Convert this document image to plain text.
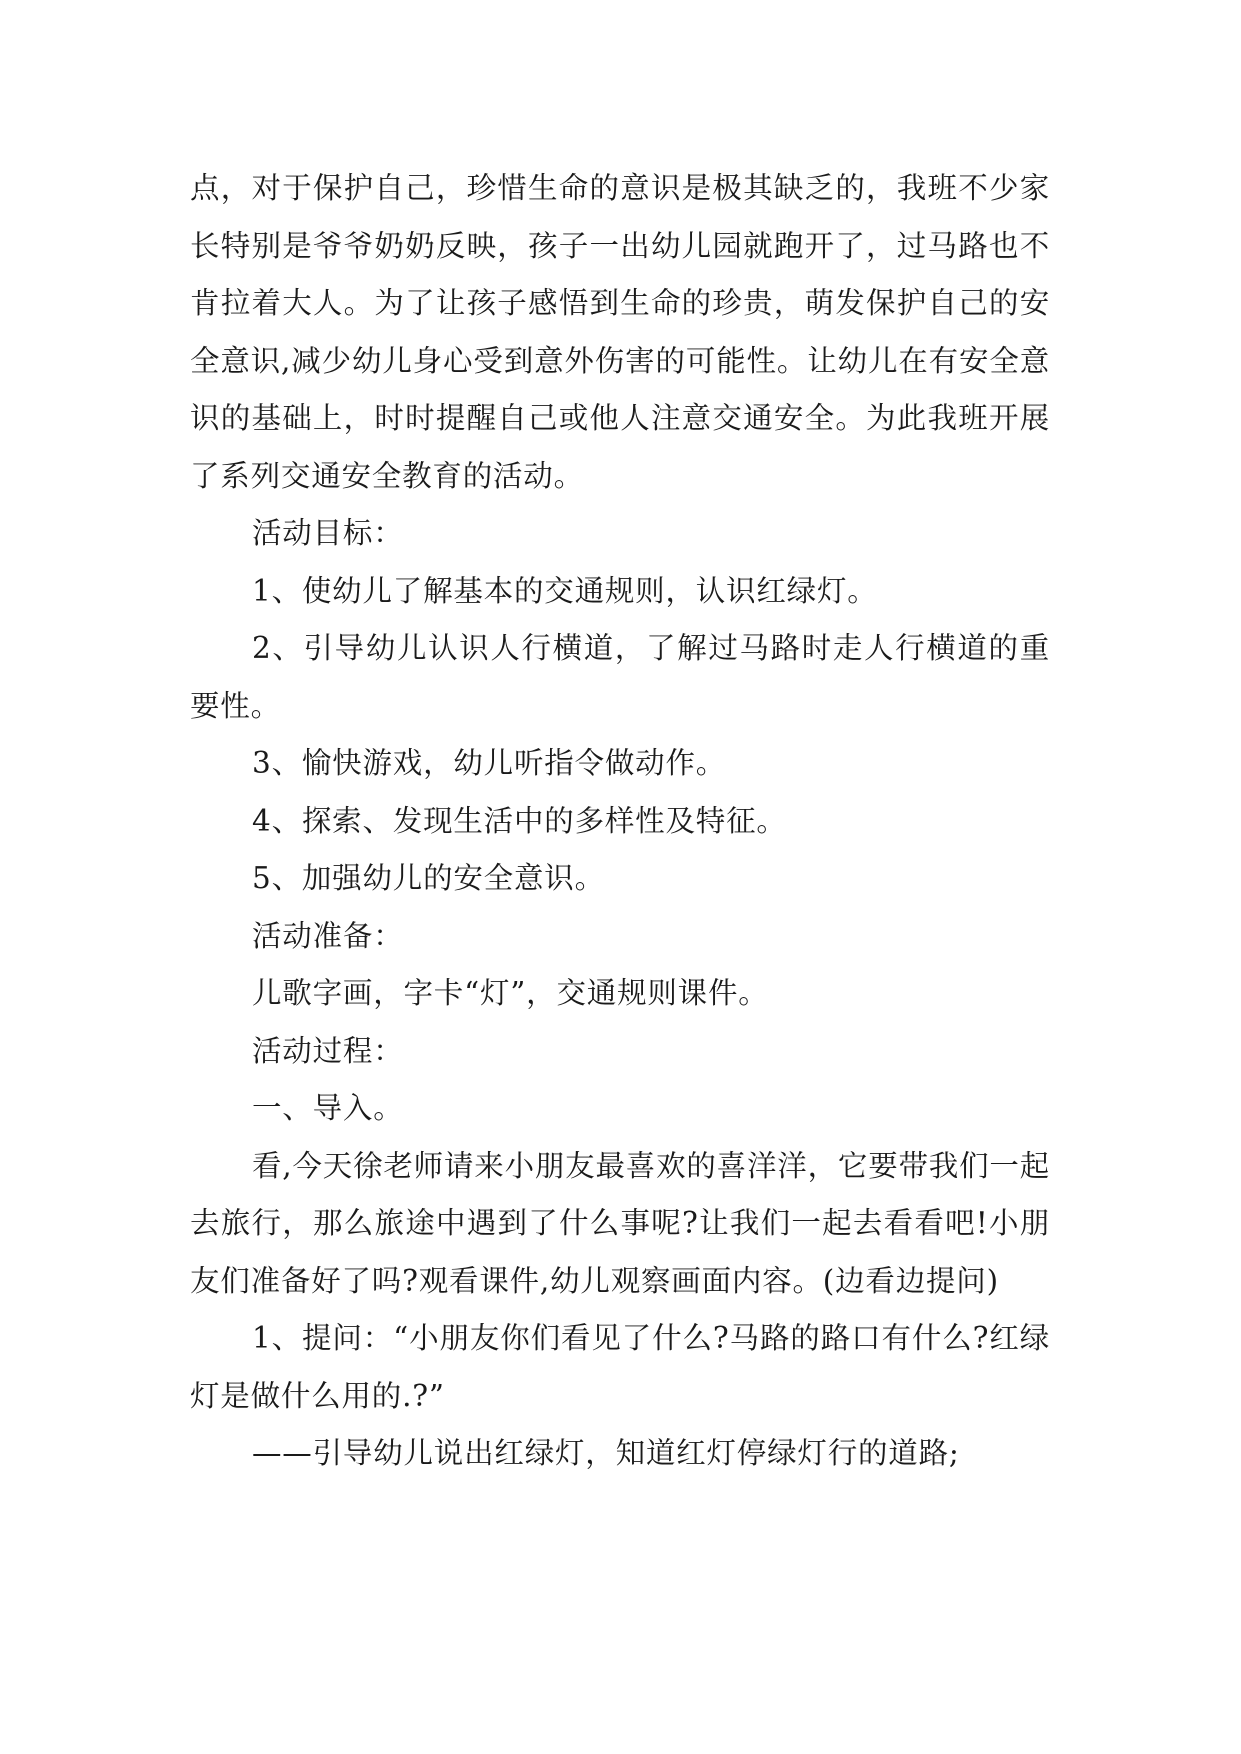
点，对于保护自己，珍惜生命的意识是极其缺乏的，我班不少家长特别是爷爷奶奶反映，孩子一出幼儿园就跑开了，过马路也不肯拉着大人。为了让孩子感悟到生命的珍贵，萌发保护自己的安全意识,减少幼儿身心受到意外伤害的可能性。让幼儿在有安全意识的基础上，时时提醒自己或他人注意交通安全。为此我班开展了系列交通安全教育的活动。

活动目标：

1、使幼儿了解基本的交通规则，认识红绿灯。

2、引导幼儿认识人行横道，了解过马路时走人行横道的重要性。

3、愉快游戏，幼儿听指令做动作。

4、探索、发现生活中的多样性及特征。

5、加强幼儿的安全意识。

活动准备：

儿歌字画，字卡“灯”，交通规则课件。

活动过程：

一、导入。

看,今天徐老师请来小朋友最喜欢的喜洋洋，它要带我们一起去旅行，那么旅途中遇到了什么事呢?让我们一起去看看吧!小朋友们准备好了吗?观看课件,幼儿观察画面内容。(边看边提问)

1、提问：“小朋友你们看见了什么?马路的路口有什么?红绿灯是做什么用的.?”

——引导幼儿说出红绿灯，知道红灯停绿灯行的道路;
